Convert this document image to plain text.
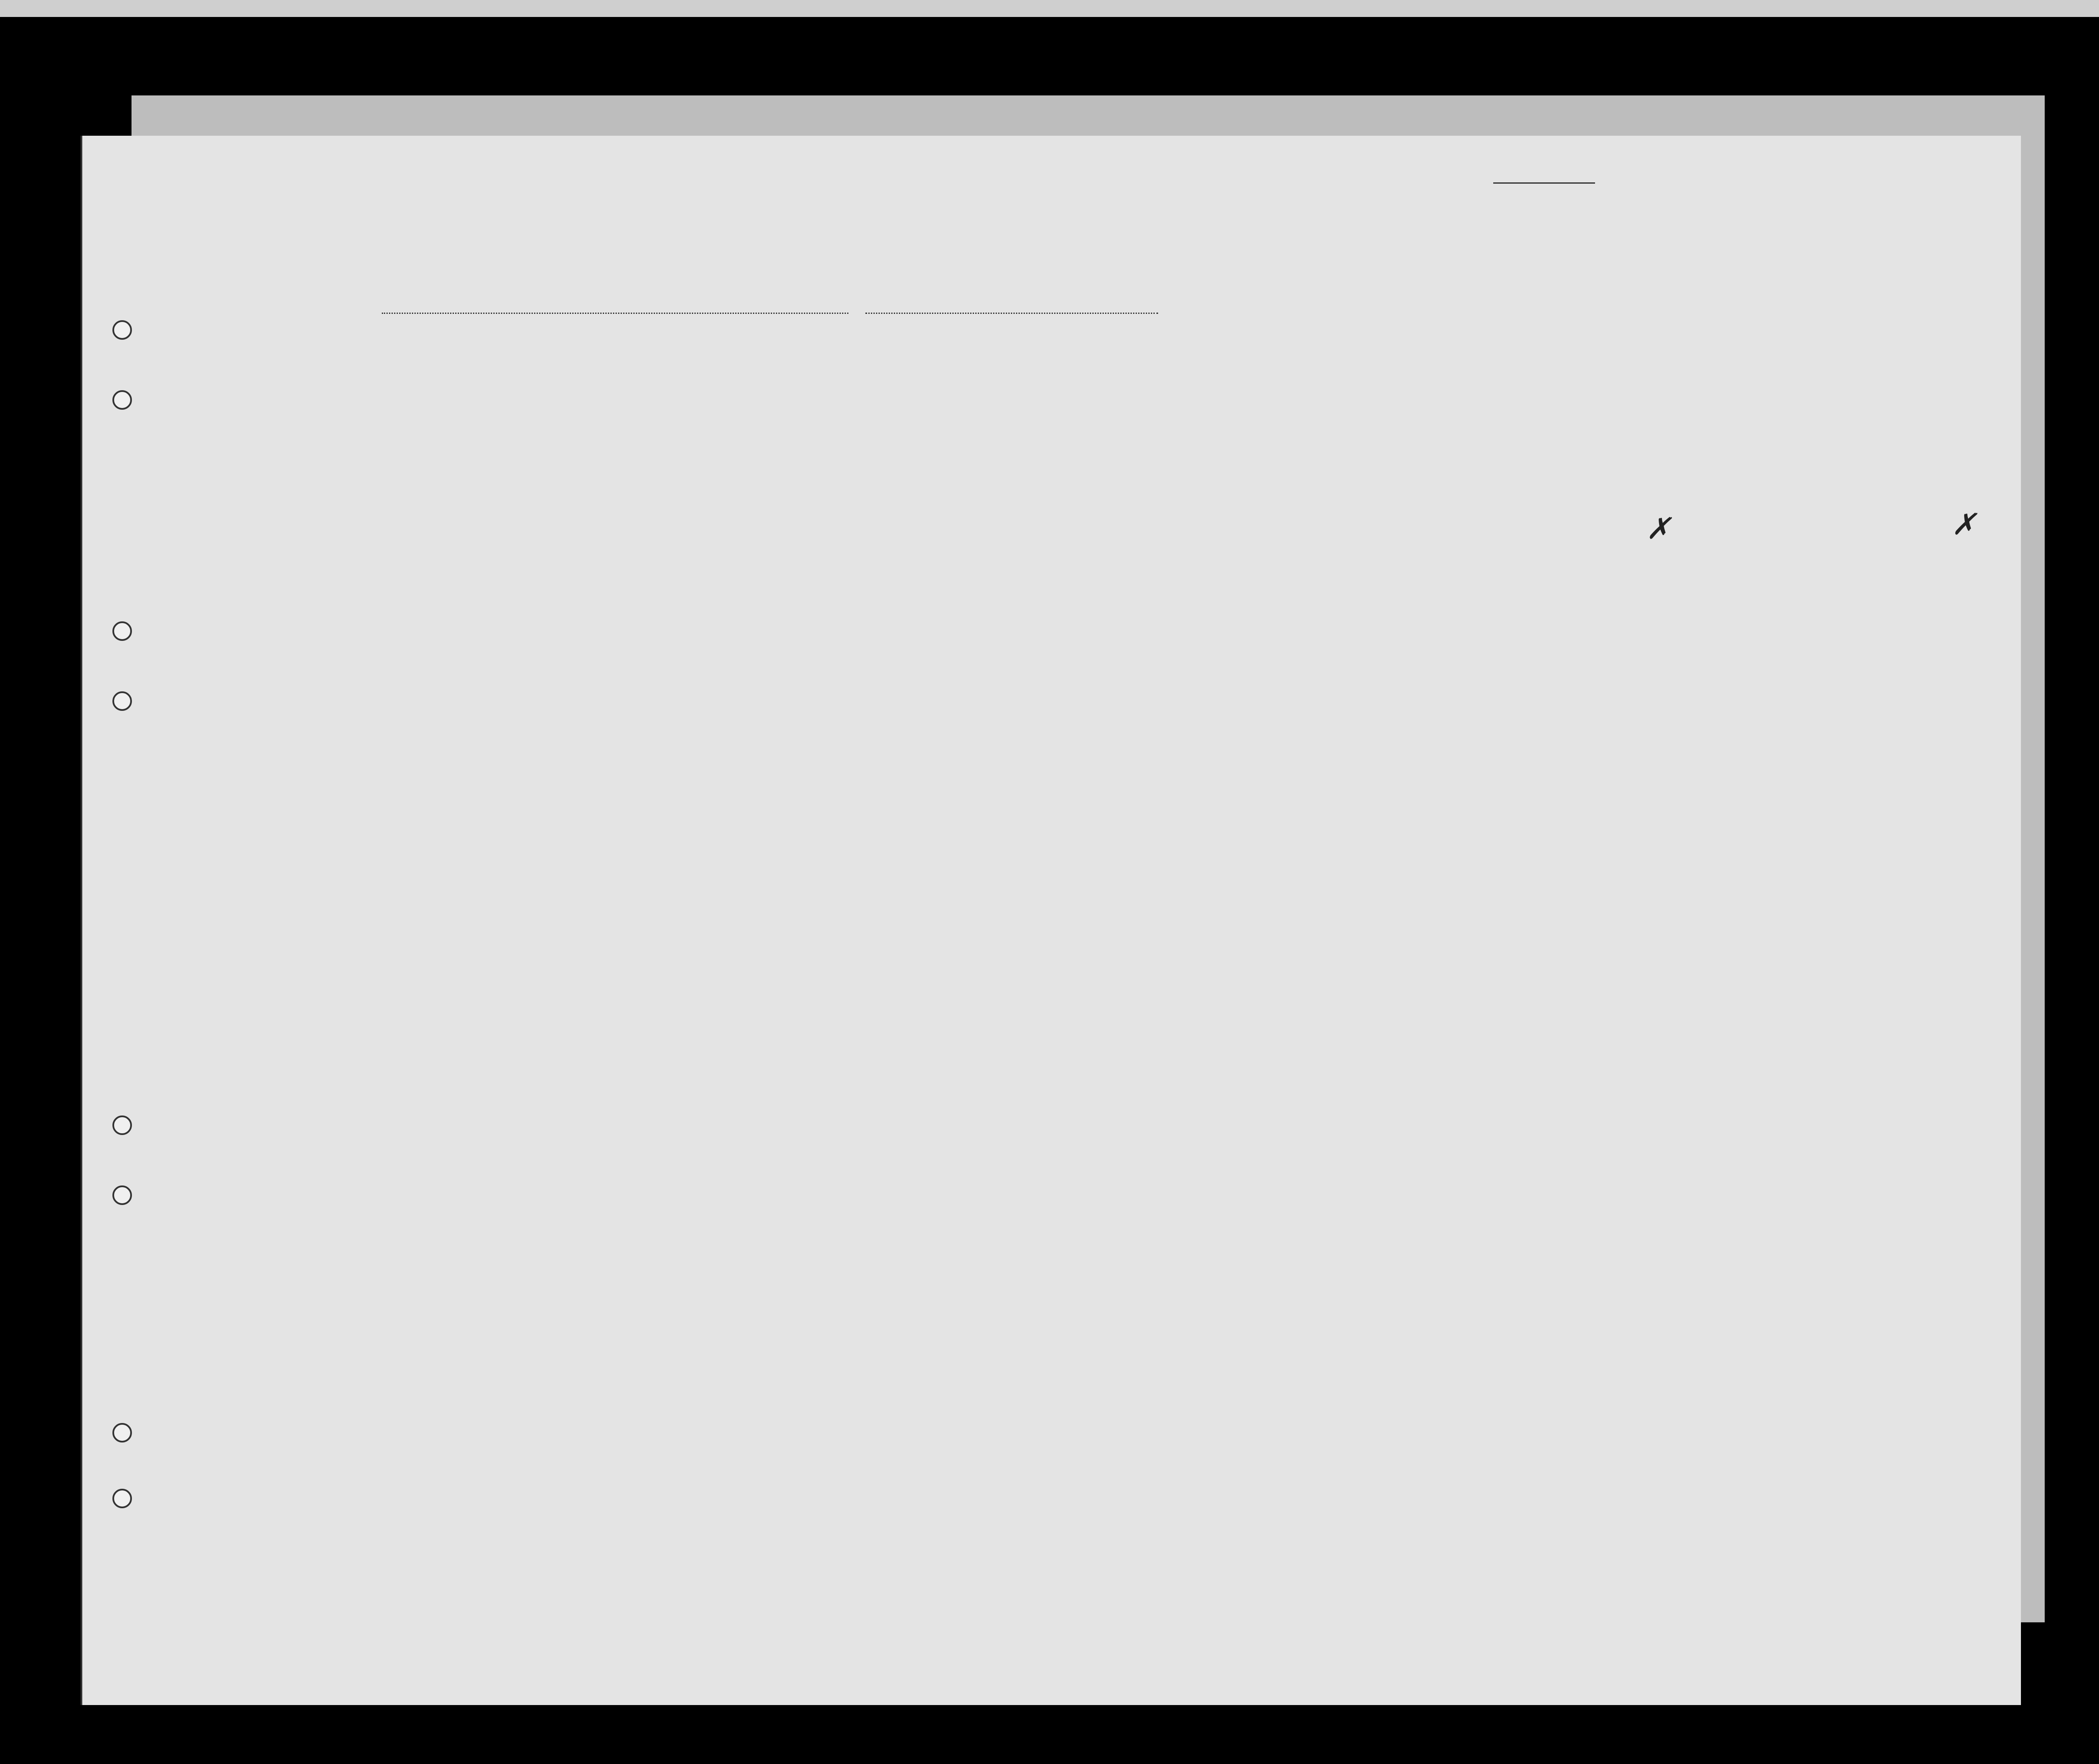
✗	✗
